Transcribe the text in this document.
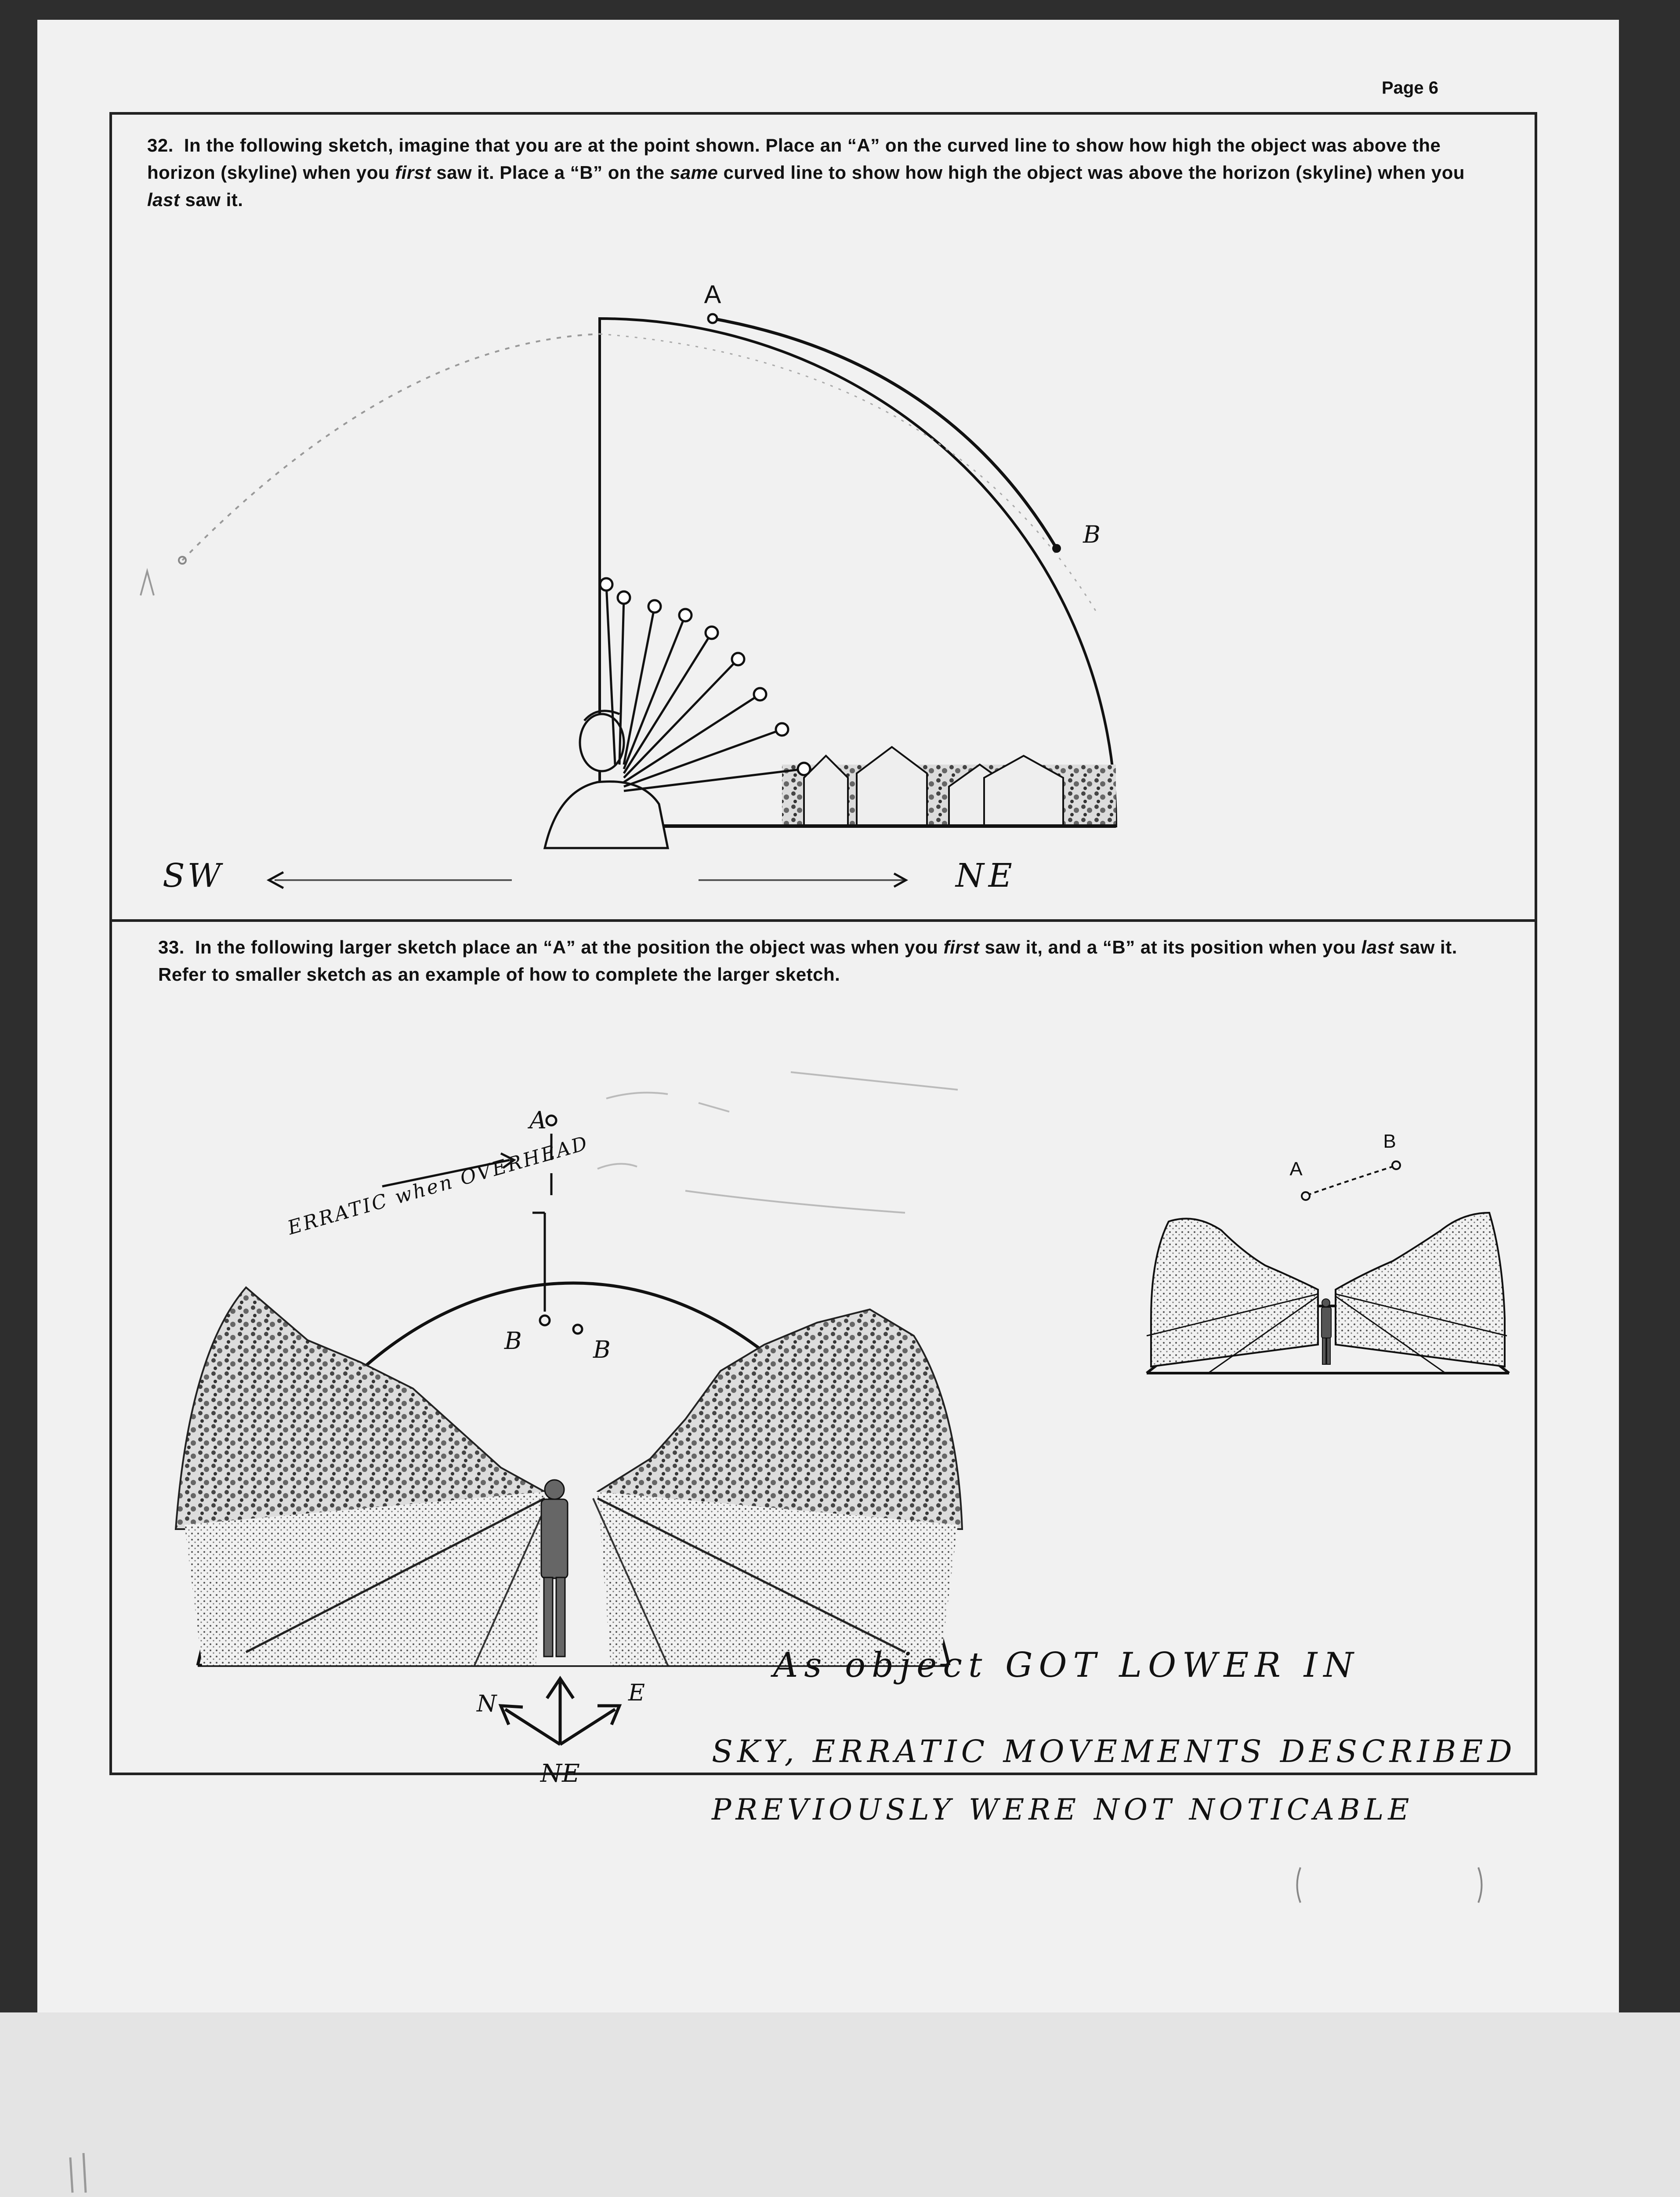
Page 6
32. In the following sketch, imagine that you are at the point shown. Place an “A” on the curved line to show how high the object was above the horizon (skyline) when you first saw it. Place a “B” on the same curved line to show how high the object was above the horizon (skyline) when you last saw it.
33. In the following larger sketch place an “A” at the position the object was when you first saw it, and a “B” at its position when you last saw it. Refer to smaller sketch as an example of how to complete the larger sketch.
A
B
SW	NE
A
B	B
ERRATIC when OVERHEAD
N	E
NE
A
B
As object GOT LOWER IN
SKY, ERRATIC MOVEMENTS DESCRIBED
PREVIOUSLY WERE NOT NOTICABLE
